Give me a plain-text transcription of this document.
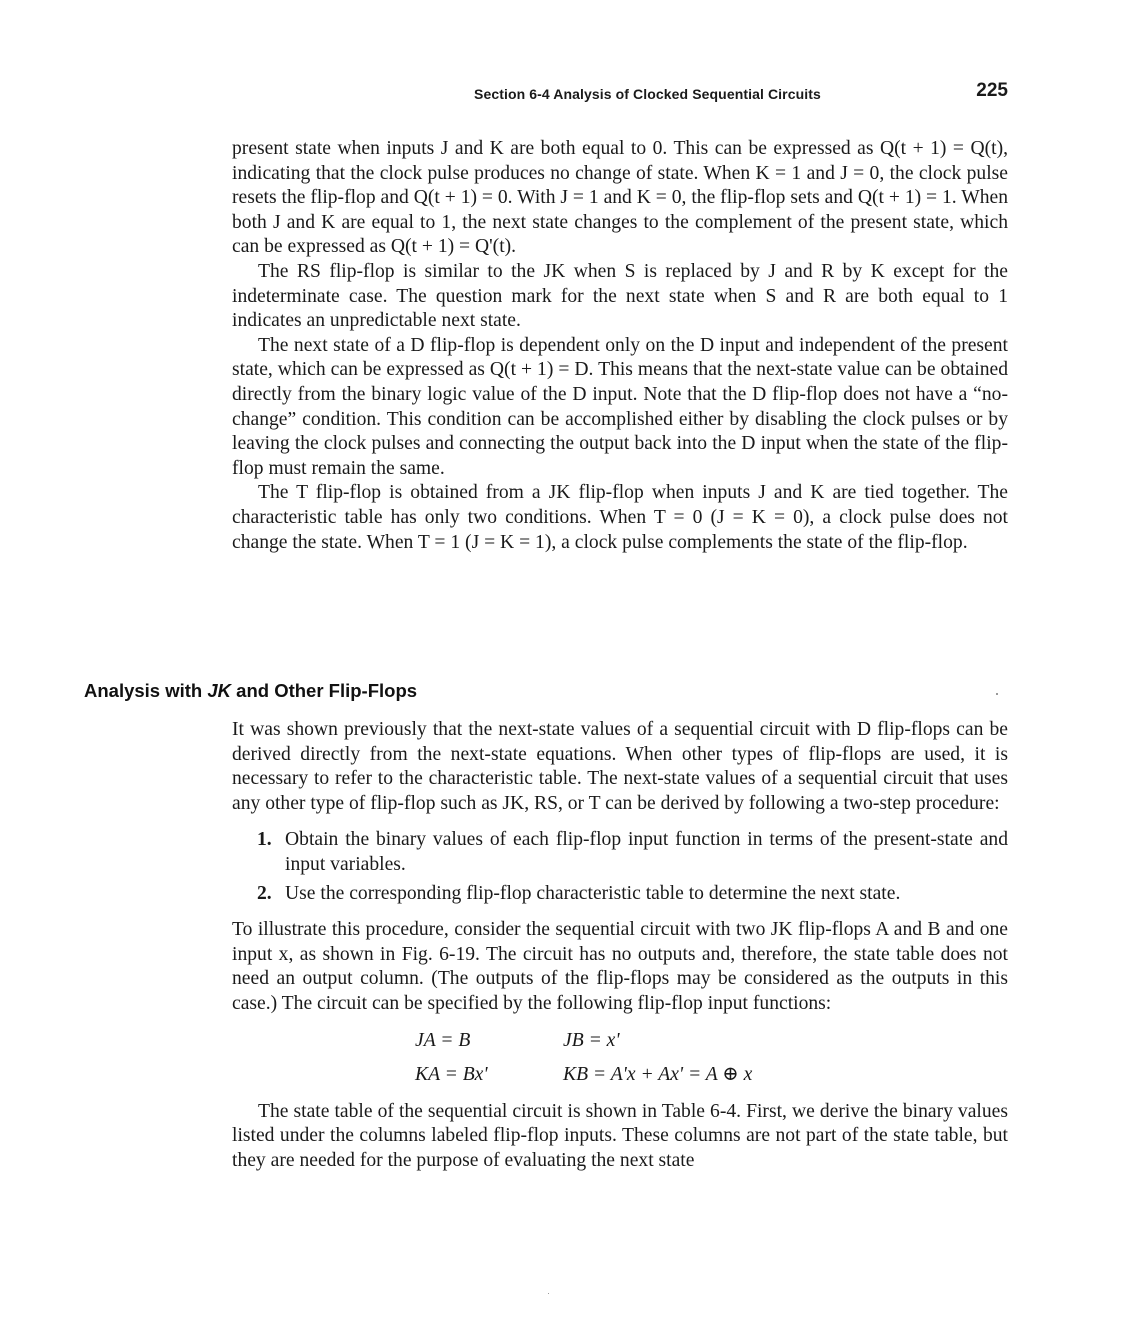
Section 6-4 Analysis of Clocked Sequential Circuits	225

present state when inputs J and K are both equal to 0. This can be expressed as Q(t + 1) = Q(t), indicating that the clock pulse produces no change of state. When K = 1 and J = 0, the clock pulse resets the flip-flop and Q(t + 1) = 0. With J = 1 and K = 0, the flip-flop sets and Q(t + 1) = 1. When both J and K are equal to 1, the next state changes to the complement of the present state, which can be expressed as Q(t + 1) = Q'(t).

The RS flip-flop is similar to the JK when S is replaced by J and R by K except for the indeterminate case. The question mark for the next state when S and R are both equal to 1 indicates an unpredictable next state.

The next state of a D flip-flop is dependent only on the D input and independent of the present state, which can be expressed as Q(t + 1) = D. This means that the next-state value can be obtained directly from the binary logic value of the D input. Note that the D flip-flop does not have a “no-change” condition. This condition can be accomplished either by disabling the clock pulses or by leaving the clock pulses and connecting the output back into the D input when the state of the flip-flop must remain the same.

The T flip-flop is obtained from a JK flip-flop when inputs J and K are tied together. The characteristic table has only two conditions. When T = 0 (J = K = 0), a clock pulse does not change the state. When T = 1 (J = K = 1), a clock pulse complements the state of the flip-flop.

Analysis with JK and Other Flip-Flops

It was shown previously that the next-state values of a sequential circuit with D flip-flops can be derived directly from the next-state equations. When other types of flip-flops are used, it is necessary to refer to the characteristic table. The next-state values of a sequential circuit that uses any other type of flip-flop such as JK, RS, or T can be derived by following a two-step procedure:

1. Obtain the binary values of each flip-flop input function in terms of the present-state and input variables.
2. Use the corresponding flip-flop characteristic table to determine the next state.

To illustrate this procedure, consider the sequential circuit with two JK flip-flops A and B and one input x, as shown in Fig. 6-19. The circuit has no outputs and, therefore, the state table does not need an output column. (The outputs of the flip-flops may be considered as the outputs in this case.) The circuit can be specified by the following flip-flop input functions:

JA = B	JB = x'
KA = Bx'	KB = A'x + Ax' = A ⊕ x

The state table of the sequential circuit is shown in Table 6-4. First, we derive the binary values listed under the columns labeled flip-flop inputs. These columns are not part of the state table, but they are needed for the purpose of evaluating the next state
